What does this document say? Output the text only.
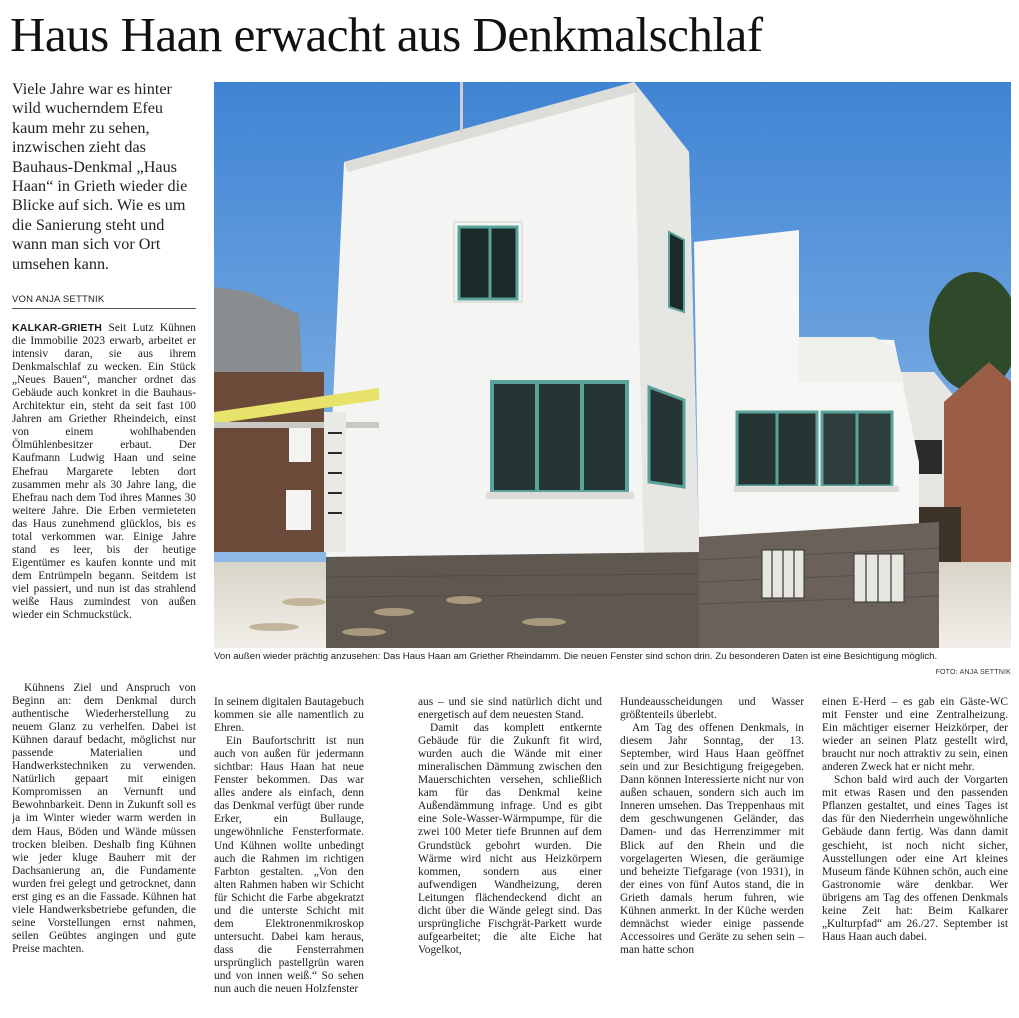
Haus Haan erwacht aus Denkmalschlaf
Viele Jahre war es hinter wild wucherndem Efeu kaum mehr zu sehen, inzwischen zieht das Bauhaus-Denkmal „Haus Haan“ in Grieth wieder die Blicke auf sich. Wie es um die Sanierung steht und wann man sich vor Ort umsehen kann.
VON ANJA SETTNIK

KALKAR-GRIETH Seit Lutz Kühnen die Immobilie 2023 erwarb, arbeitet er intensiv daran, sie aus ihrem Denkmalschlaf zu wecken. Ein Stück „Neues Bauen“, mancher ordnet das Gebäude auch konkret in die Bauhaus-Architektur ein, steht da seit fast 100 Jahren am Griether Rheindeich, einst von einem wohlhabenden Ölmühlenbesitzer erbaut. Der Kaufmann Ludwig Haan und seine Ehefrau Margarete lebten dort zusammen mehr als 30 Jahre lang, die Ehefrau nach dem Tod ihres Mannes 30 weitere Jahre. Die Erben vermieteten das Haus zunehmend glücklos, bis es total verkommen war. Einige Jahre stand es leer, bis der heutige Eigentümer es kaufen konnte und mit dem Entrümpeln begann. Seitdem ist viel passiert, und nun ist das strahlend weiße Haus zumindest von außen wieder ein Schmuckstück.

Kühnens Ziel und Anspruch von Beginn an: dem Denkmal durch authentische Wiederherstellung zu neuem Glanz zu verhelfen. Dabei ist Kühnen darauf bedacht, möglichst nur passende Materialien und Handwerkstechniken zu verwenden. Natürlich gepaart mit einigen Kompromissen an Vernunft und Bewohnbarkeit. Denn in Zukunft soll es ja im Winter wieder warm werden in dem Haus, Böden und Wände müssen trocken bleiben. Deshalb fing Kühnen wie jeder kluge Bauherr mit der Dachsanierung an, die Fundamente wurden frei gelegt und getrocknet, dann erst ging es an die Fassade. Kühnen hat viele Handwerksbetriebe gefunden, die seine Vorstellungen ernst nahmen, seilen Geübtes angingen und gute Preise machten.

Von außen wieder prächtig anzusehen: Das Haus Haan am Griether Rheindamm. Die neuen Fenster sind schon drin. Zu besonderen Daten ist eine Besichtigung möglich.
FOTO: ANJA SETTNIK

In seinem digitalen Bautagebuch kommen sie alle namentlich zu Ehren.

Ein Baufortschritt ist nun auch von außen für jedermann sichtbar: Haus Haan hat neue Fenster bekommen. Das war alles andere als einfach, denn das Denkmal verfügt über runde Erker, ein Bullauge, ungewöhnliche Fensterformate. Und Kühnen wollte unbedingt auch die Rahmen im richtigen Farbton gestalten. „Von den alten Rahmen haben wir Schicht für Schicht die Farbe abgekratzt und die unterste Schicht mit dem Elektronenmikroskop untersucht. Dabei kam heraus, dass die Fensterrahmen ursprünglich pastellgrün waren und von innen weiß.“ So sehen nun auch die neuen Holzfenster

aus – und sie sind natürlich dicht und energetisch auf dem neuesten Stand.

Damit das komplett entkernte Gebäude für die Zukunft fit wird, wurden auch die Wände mit einer mineralischen Dämmung zwischen den Mauerschichten versehen, schließlich kam für das Denkmal keine Außendämmung infrage. Und es gibt eine Sole-Wasser-Wärmpumpe, für die zwei 100 Meter tiefe Brunnen auf dem Grundstück gebohrt wurden. Die Wärme wird nicht aus Heizkörpern kommen, sondern aus einer aufwendigen Wandheizung, deren Leitungen flächendeckend dicht an dicht über die Wände gelegt sind. Das ursprüngliche Fischgrät-Parkett wurde aufgearbeitet; die alte Eiche hat Vogelkot,

Hundeausscheidungen und Wasser größtenteils überlebt.

Am Tag des offenen Denkmals, in diesem Jahr Sonntag, der 13. September, wird Haus Haan geöffnet sein und zur Besichtigung freigegeben. Dann können Interessierte nicht nur von außen schauen, sondern sich auch im Inneren umsehen. Das Treppenhaus mit dem geschwungenen Geländer, das Damen- und das Herrenzimmer mit Blick auf den Rhein und die vorgelagerten Wiesen, die geräumige und beheizte Tiefgarage (von 1931), in der eines von fünf Autos stand, die in Grieth damals herum fuhren, wie Kühnen anmerkt. In der Küche werden demnächst wieder einige passende Accessoires und Geräte zu sehen sein – man hatte schon

einen E-Herd – es gab ein Gäste-WC mit Fenster und eine Zentralheizung. Ein mächtiger eiserner Heizkörper, der wieder an seinen Platz gestellt wird, braucht nur noch attraktiv zu sein, einen anderen Zweck hat er nicht mehr.

Schon bald wird auch der Vorgarten mit etwas Rasen und den passenden Pflanzen gestaltet, und eines Tages ist das für den Niederrhein ungewöhnliche Gebäude dann fertig. Was dann damit geschieht, ist noch nicht sicher, Ausstellungen oder eine Art kleines Museum fände Kühnen schön, auch eine Gastronomie wäre denkbar. Wer übrigens am Tag des offenen Denkmals keine Zeit hat: Beim Kalkarer „Kulturpfad“ am 26./27. September ist Haus Haan auch dabei.
